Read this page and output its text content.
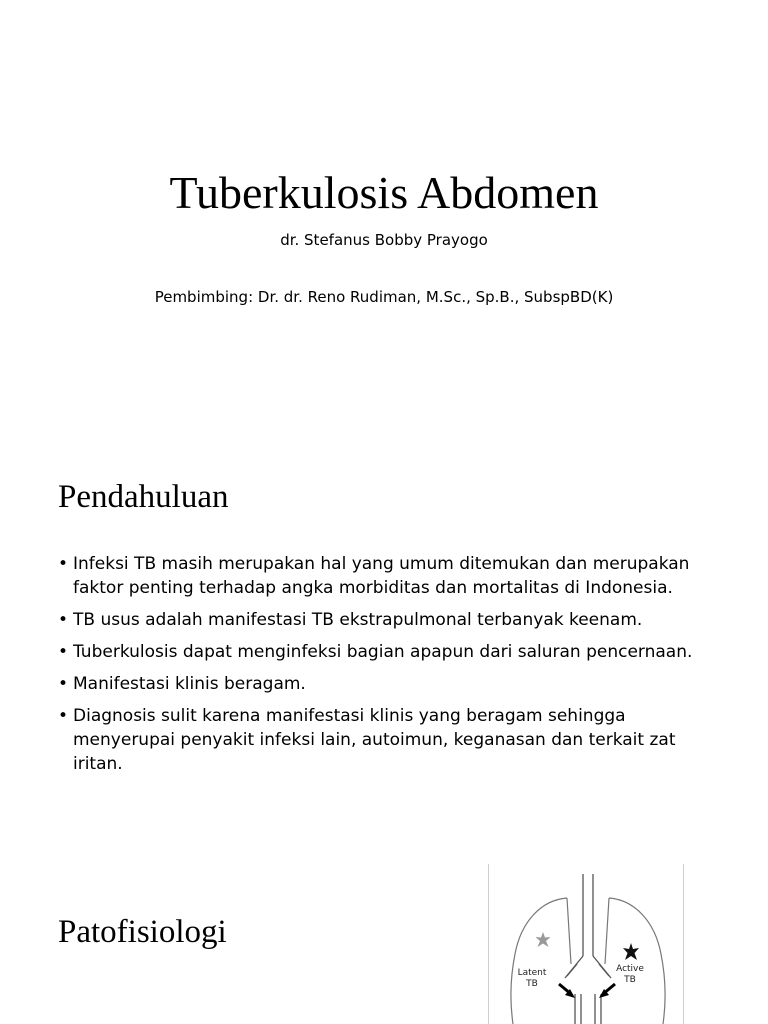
Tuberkulosis Abdomen
dr. Stefanus Bobby Prayogo
Pembimbing: Dr. dr. Reno Rudiman, M.Sc., Sp.B., SubspBD(K)
Pendahuluan
• Infeksi TB masih merupakan hal yang umum ditemukan dan merupakan faktor penting terhadap angka morbiditas dan mortalitas di Indonesia.
• TB usus adalah manifestasi TB ekstrapulmonal terbanyak keenam.
• Tuberkulosis dapat menginfeksi bagian apapun dari saluran pencernaan.
• Manifestasi klinis beragam.
• Diagnosis sulit karena manifestasi klinis yang beragam sehingga menyerupai penyakit infeksi lain, autoimun, keganasan dan terkait zat iritan.
Patofisiologi
Latent
TB
Active
TB
